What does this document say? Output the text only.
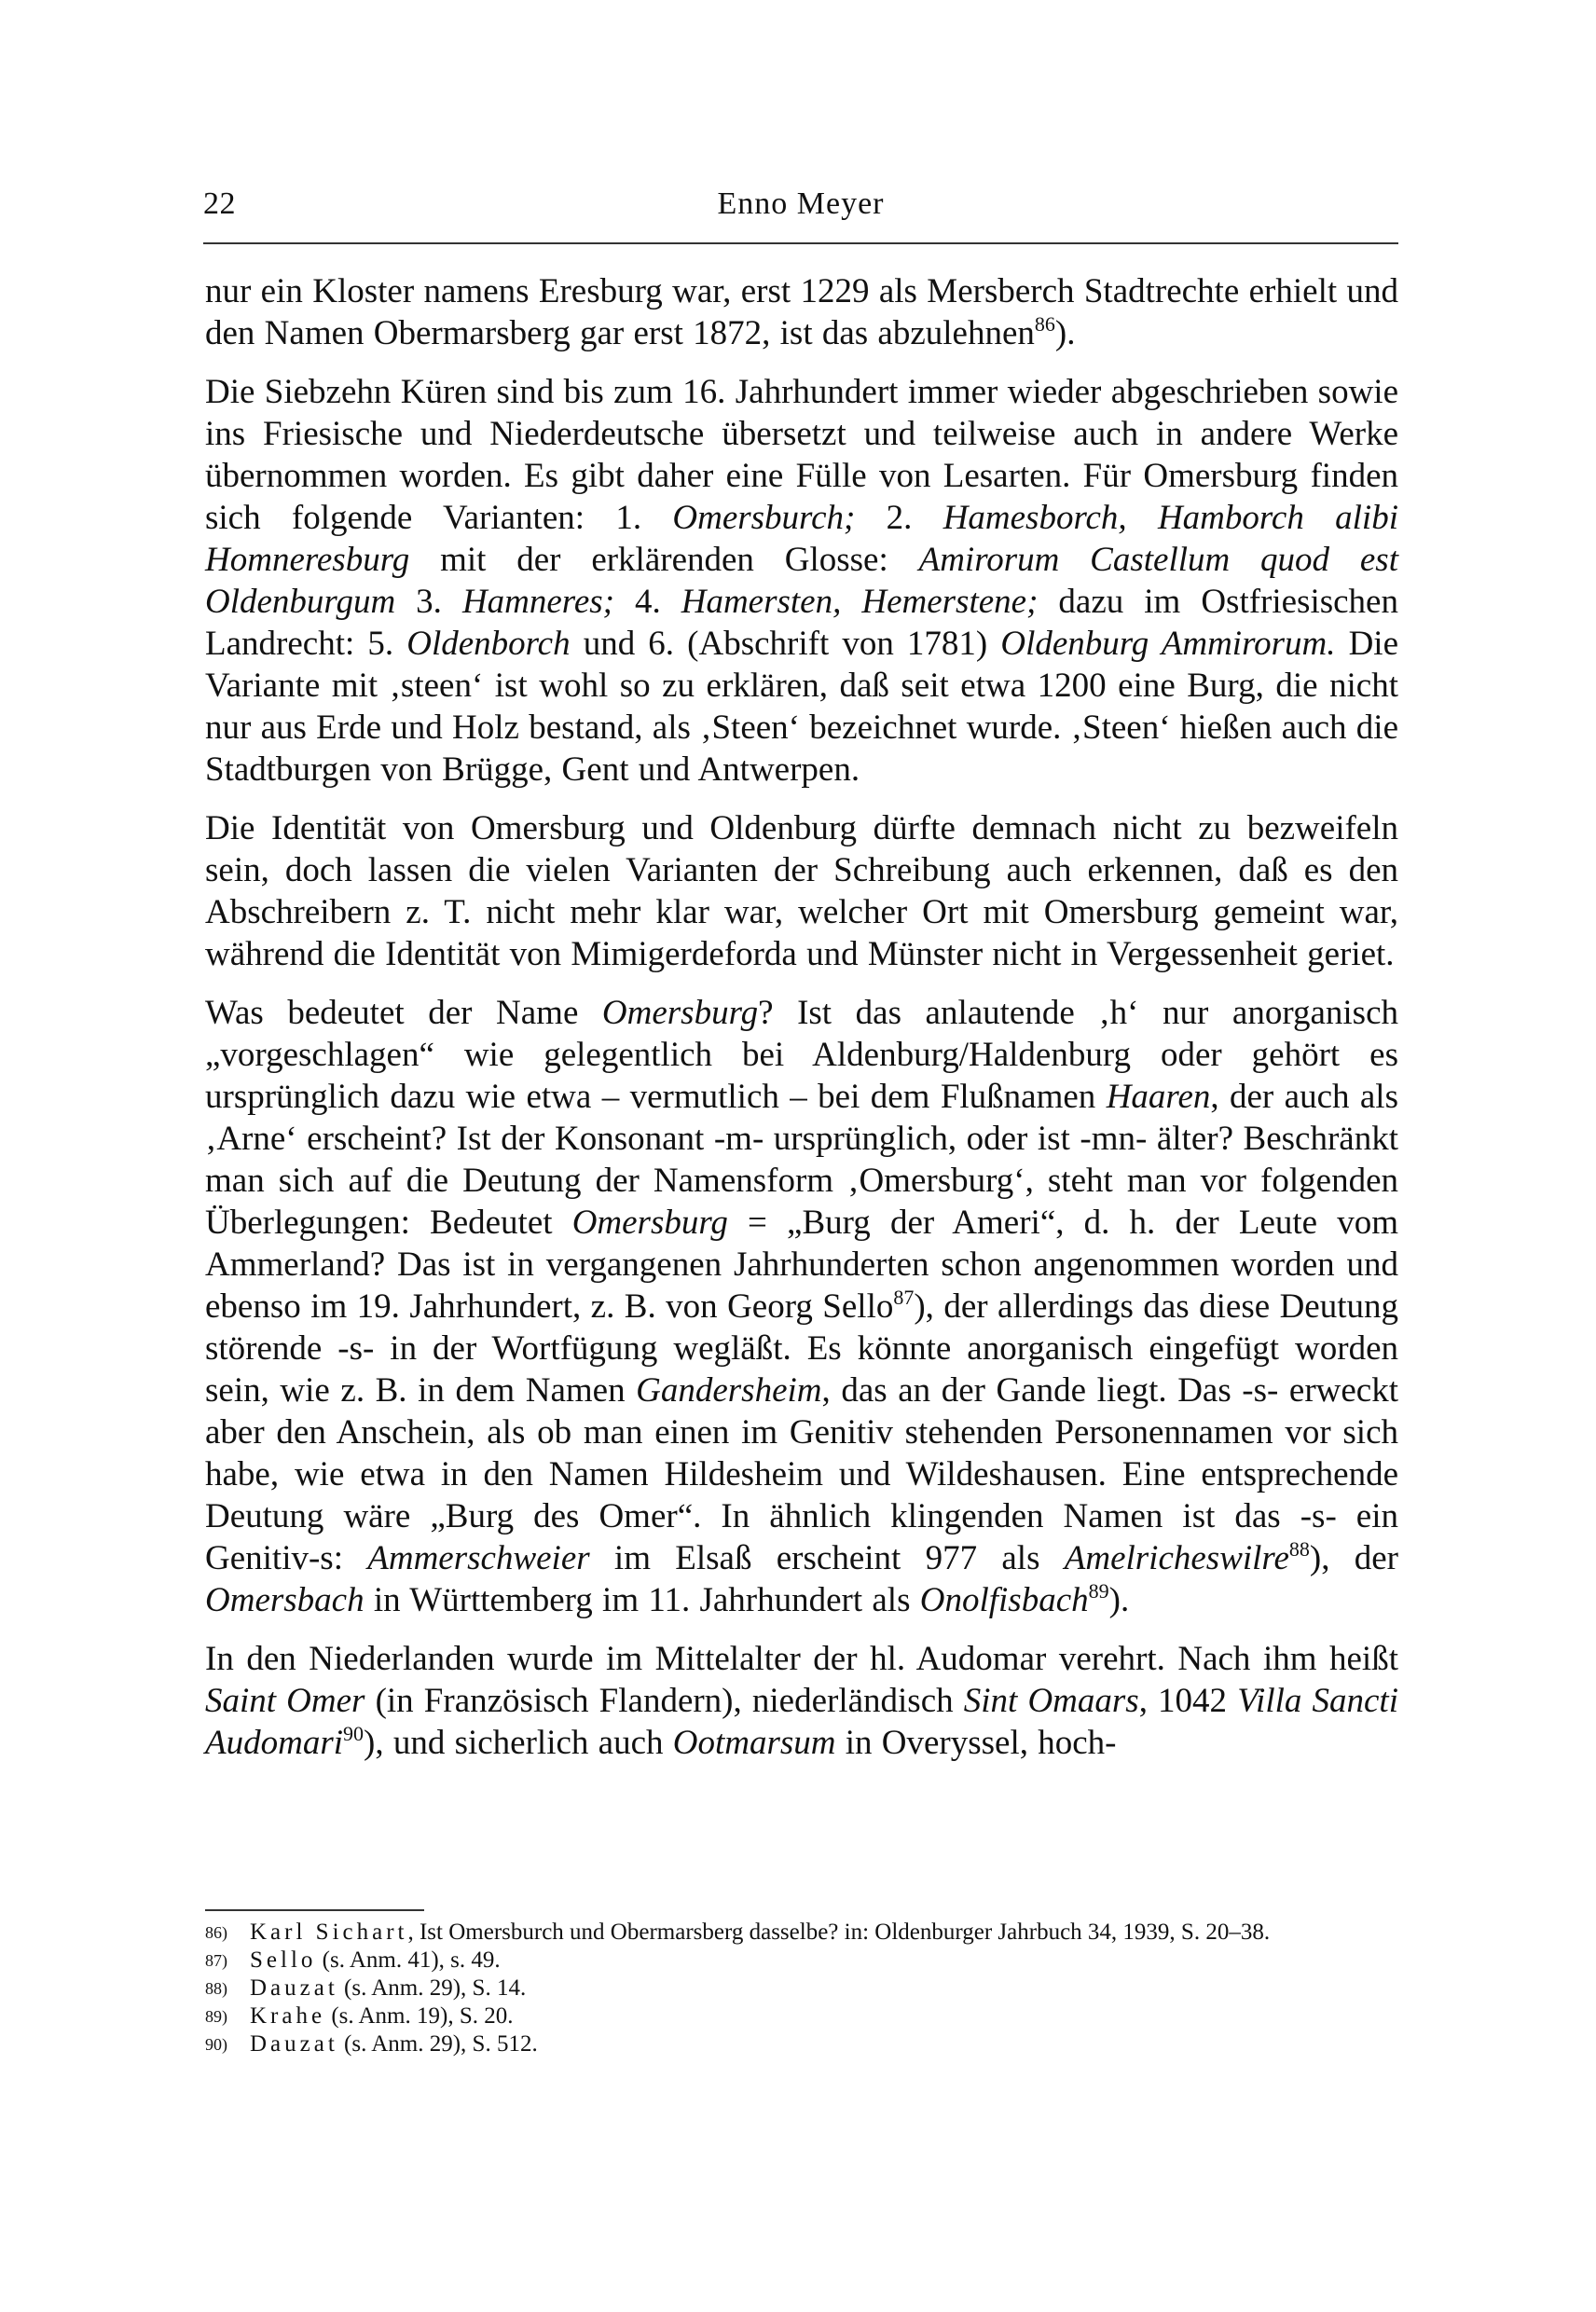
22	Enno Meyer

nur ein Kloster namens Eresburg war, erst 1229 als Mersberch Stadtrechte erhielt und den Namen Obermarsberg gar erst 1872, ist das abzulehnen$^{86}$).

Die Siebzehn Küren sind bis zum 16. Jahrhundert immer wieder abgeschrieben sowie ins Friesische und Niederdeutsche übersetzt und teilweise auch in andere Werke übernommen worden. Es gibt daher eine Fülle von Lesarten. Für Omersburg finden sich folgende Varianten: 1. Omersburch; 2. Hamesborch, Hamborch alibi Homneresburg mit der erklärenden Glosse: Amirorum Castellum quod est Oldenburgum 3. Hamneres; 4. Hamersten, Hemerstene; dazu im Ostfriesischen Landrecht: 5. Oldenborch und 6. (Abschrift von 1781) Oldenburg Ammirorum. Die Variante mit ‚steen‘ ist wohl so zu erklären, daß seit etwa 1200 eine Burg, die nicht nur aus Erde und Holz bestand, als ‚Steen‘ bezeichnet wurde. ‚Steen‘ hießen auch die Stadtburgen von Brügge, Gent und Antwerpen.

Die Identität von Omersburg und Oldenburg dürfte demnach nicht zu bezweifeln sein, doch lassen die vielen Varianten der Schreibung auch erkennen, daß es den Abschreibern z. T. nicht mehr klar war, welcher Ort mit Omersburg gemeint war, während die Identität von Mimigerdeforda und Münster nicht in Vergessenheit geriet.

Was bedeutet der Name Omersburg? Ist das anlautende ‚h‘ nur anorganisch „vorgeschlagen“ wie gelegentlich bei Aldenburg/Haldenburg oder gehört es ursprünglich dazu wie etwa – vermutlich – bei dem Flußnamen Haaren, der auch als ‚Arne‘ erscheint? Ist der Konsonant -m- ursprünglich, oder ist -mn- älter? Beschränkt man sich auf die Deutung der Namensform ‚Omersburg‘, steht man vor folgenden Überlegungen: Bedeutet Omersburg = „Burg der Ameri“, d. h. der Leute vom Ammerland? Das ist in vergangenen Jahrhunderten schon angenommen worden und ebenso im 19. Jahrhundert, z. B. von Georg Sello$^{87}$), der allerdings das diese Deutung störende -s- in der Wortfügung wegläßt. Es könnte anorganisch eingefügt worden sein, wie z. B. in dem Namen Gandersheim, das an der Gande liegt. Das -s- erweckt aber den Anschein, als ob man einen im Genitiv stehenden Personennamen vor sich habe, wie etwa in den Namen Hildesheim und Wildeshausen. Eine entsprechende Deutung wäre „Burg des Omer“. In ähnlich klingenden Namen ist das -s- ein Genitiv-s: Ammerschweier im Elsaß erscheint 977 als Amelricheswilre$^{88}$), der Omersbach in Württemberg im 11. Jahrhundert als Onolfisbach$^{89}$).

In den Niederlanden wurde im Mittelalter der hl. Audomar verehrt. Nach ihm heißt Saint Omer (in Französisch Flandern), niederländisch Sint Omaars, 1042 Villa Sancti Audomari$^{90}$), und sicherlich auch Ootmarsum in Overyssel, hoch-

86) Karl Sichart, Ist Omersburch und Obermarsberg dasselbe? in: Oldenburger Jahrbuch 34, 1939, S. 20–38.

87) Sello (s. Anm. 41), s. 49.

88) Dauzat (s. Anm. 29), S. 14.

89) Krahe (s. Anm. 19), S. 20.

90) Dauzat (s. Anm. 29), S. 512.
